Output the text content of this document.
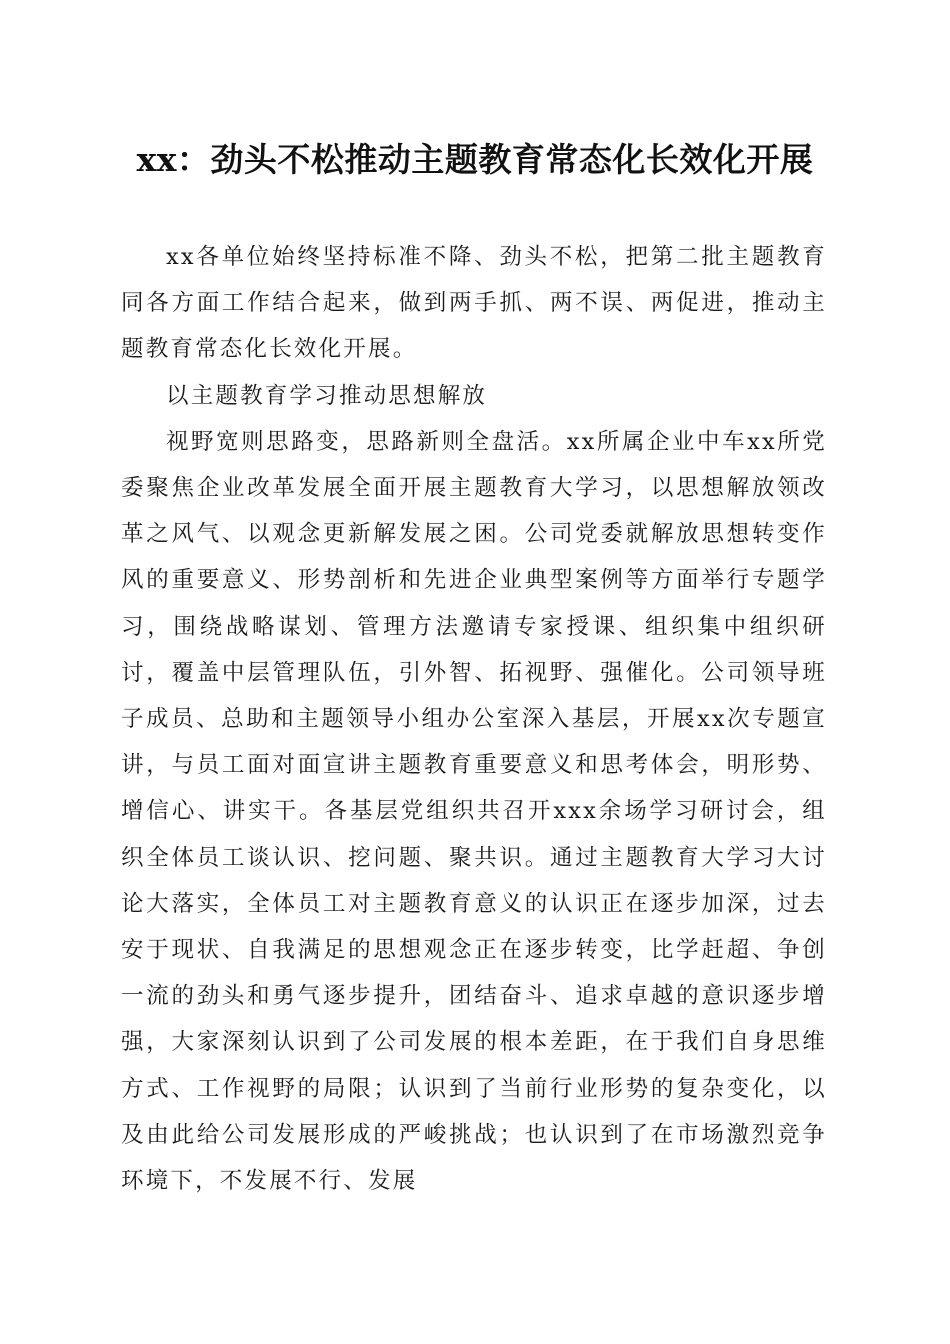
xx：劲头不松推动主题教育常态化长效化开展

xx各单位始终坚持标准不降、劲头不松，把第二批主题教育同各方面工作结合起来，做到两手抓、两不误、两促进，推动主题教育常态化长效化开展。

以主题教育学习推动思想解放

视野宽则思路变，思路新则全盘活。xx所属企业中车xx所党委聚焦企业改革发展全面开展主题教育大学习，以思想解放领改革之风气、以观念更新解发展之困。公司党委就解放思想转变作风的重要意义、形势剖析和先进企业典型案例等方面举行专题学习，围绕战略谋划、管理方法邀请专家授课、组织集中组织研讨，覆盖中层管理队伍，引外智、拓视野、强催化。公司领导班子成员、总助和主题领导小组办公室深入基层，开展xx次专题宣讲，与员工面对面宣讲主题教育重要意义和思考体会，明形势、增信心、讲实干。各基层党组织共召开xxx余场学习研讨会，组织全体员工谈认识、挖问题、聚共识。通过主题教育大学习大讨论大落实，全体员工对主题教育意义的认识正在逐步加深，过去安于现状、自我满足的思想观念正在逐步转变，比学赶超、争创一流的劲头和勇气逐步提升，团结奋斗、追求卓越的意识逐步增强，大家深刻认识到了公司发展的根本差距，在于我们自身思维方式、工作视野的局限；认识到了当前行业形势的复杂变化，以及由此给公司发展形成的严峻挑战；也认识到了在市场激烈竞争环境下，不发展不行、发展
